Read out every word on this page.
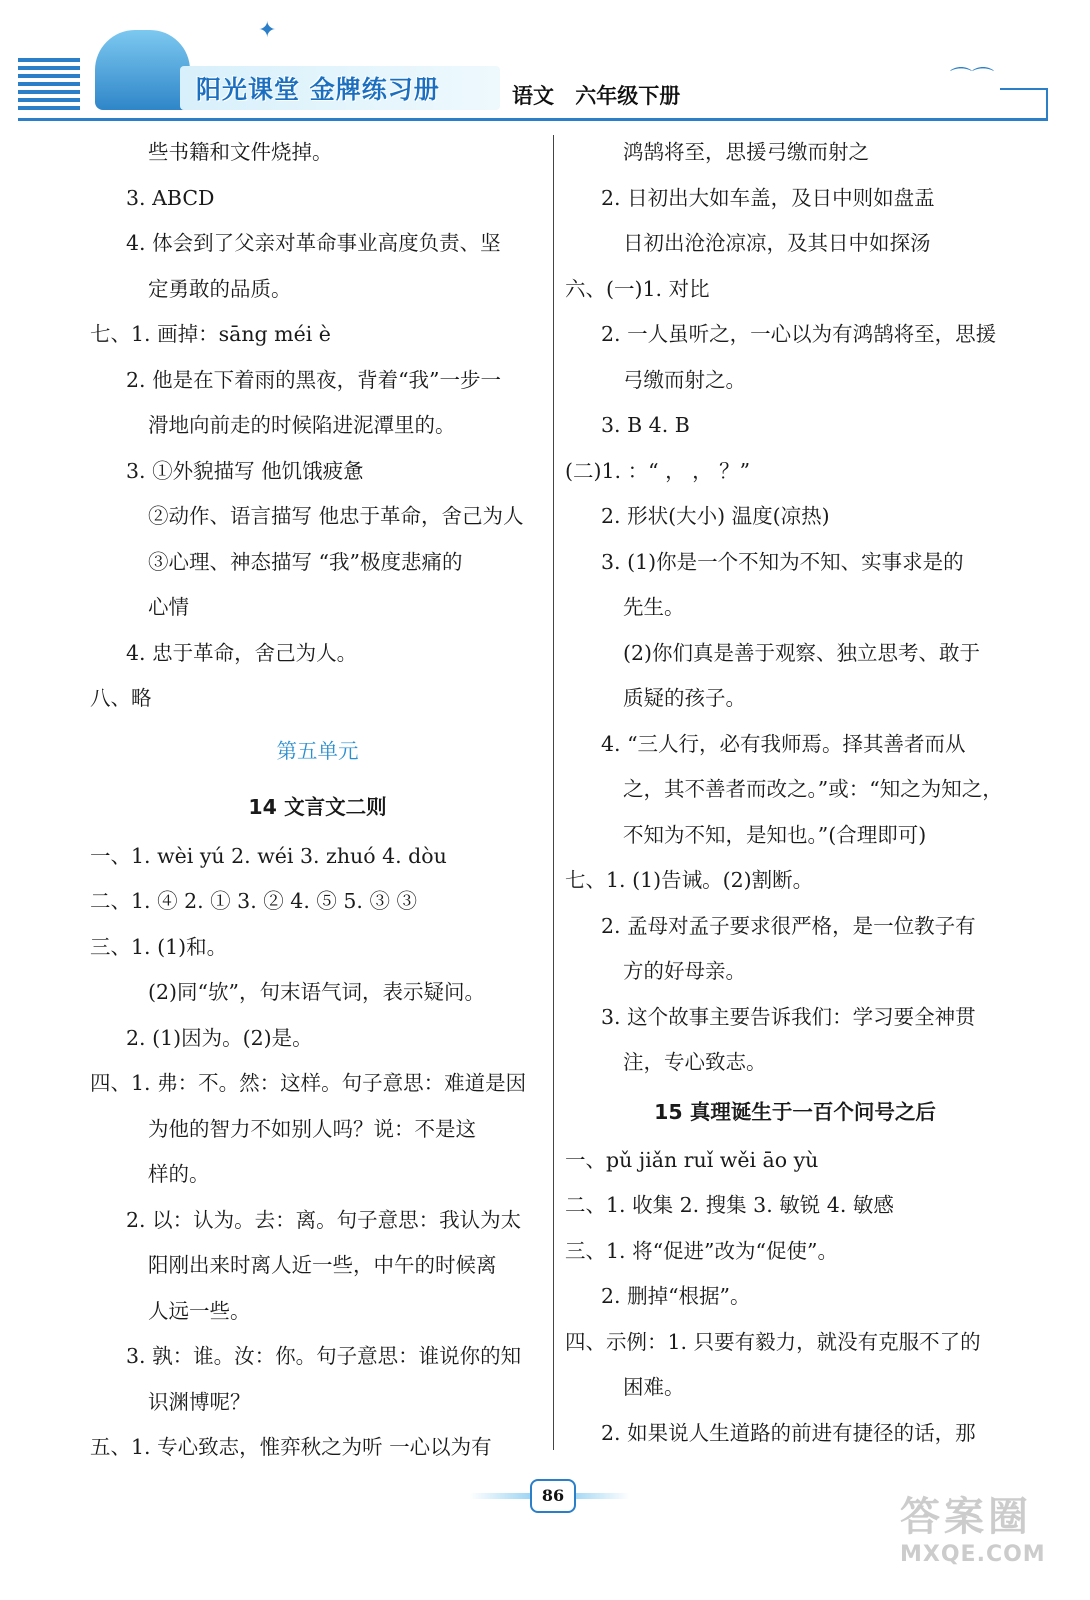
阳光课堂 金牌练习册	语文 六年级下册
✦
⌒⌒
些书籍和文件烧掉。
3. ABCD
4. 体会到了父亲对革命事业高度负责、坚
定勇敢的品质。
七、1. 画掉：sāng méi è
2. 他是在下着雨的黑夜，背着“我”一步一
滑地向前走的时候陷进泥潭里的。
3. ①外貌描写 他饥饿疲惫
②动作、语言描写 他忠于革命，舍己为人
③心理、神态描写 “我”极度悲痛的
心情
4. 忠于革命，舍己为人。
八、略
第五单元
14 文言文二则
一、1. wèi yú 2. wéi 3. zhuó 4. dòu
二、1. ④ 2. ① 3. ② 4. ⑤ 5. ③ ③
三、1. (1)和。
(2)同“欤”，句末语气词，表示疑问。
2. (1)因为。(2)是。
四、1. 弗：不。然：这样。句子意思：难道是因
为他的智力不如别人吗？说：不是这
样的。
2. 以：认为。去：离。句子意思：我认为太
阳刚出来时离人近一些，中午的时候离
人远一些。
3. 孰：谁。汝：你。句子意思：谁说你的知
识渊博呢？
五、1. 专心致志，惟弈秋之为听 一心以为有
鸿鹄将至，思援弓缴而射之
2. 日初出大如车盖，及日中则如盘盂
日初出沧沧凉凉，及其日中如探汤
六、(一)1. 对比
2. 一人虽听之，一心以为有鸿鹄将至，思援
弓缴而射之。
3. B 4. B
(二)1. ：“ ， ， ？”
2. 形状(大小) 温度(凉热)
3. (1)你是一个不知为不知、实事求是的
先生。
(2)你们真是善于观察、独立思考、敢于
质疑的孩子。
4. “三人行，必有我师焉。择其善者而从
之，其不善者而改之。”或：“知之为知之，
不知为不知，是知也。”(合理即可)
七、1. (1)告诫。(2)割断。
2. 孟母对孟子要求很严格，是一位教子有
方的好母亲。
3. 这个故事主要告诉我们：学习要全神贯
注，专心致志。
15 真理诞生于一百个问号之后
一、pǔ jiǎn ruǐ wěi āo yù
二、1. 收集 2. 搜集 3. 敏锐 4. 敏感
三、1. 将“促进”改为“促使”。
2. 删掉“根据”。
四、示例：1. 只要有毅力，就没有克服不了的
困难。
2. 如果说人生道路的前进有捷径的话，那
86	答案圈
MXQE.COM
